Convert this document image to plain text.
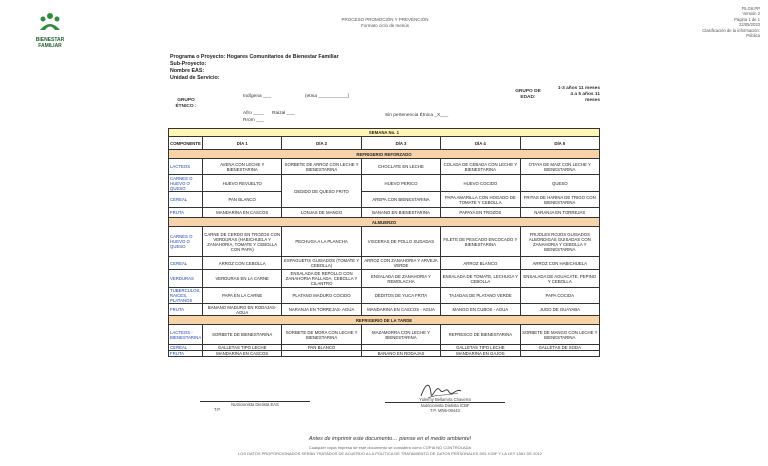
BIENESTAR
FAMILIAR
PROCESO PROMOCIÓN Y PREVENCIÓN
Formato ciclo de menús
F5.G6.PP
Versión 2
Página 1 de 1
22/05/2023
Clasificación de la información:
Pública
Programa o Proyecto: Hogares Comunitarios de Bienestar Familiar
Sub-Proyecto:
Nombre EAS:
Unidad de Servicio:
GRUPO ÉTNICO :
Indígena ___	(etnia ___________)
Afro ____ Raizal ___
Rrom ___
Sin pertenencia Étnica _X___
GRUPO DE EDAD:
1-3 años 11 meses
4 a 5 años 11
meses
SEMANA No. 1					
COMPONENTE	DÍA 1	DÍA 2	DÍA 3	DÍA 4	DÍA 5
REFRIGERIO REFORZADO					
LACTEOS	AVENA CON LECHE Y BIENESTARINA	SORBETE DE ARROZ CON LECHE Y BIENESTARINA	CHOCLATE EN LECHE	COLADA DE CEBADA CON LECHE Y BIENESTARINA	OTAYA DE MAIZ CON LECHE Y BIENESTARINA
CARNES O HUEVO O QUESO	HUEVO REVUELTO	DEDIDO DE QUESO FRITO	HUEVO PERICO	HUEVO COCIDO	QUESO
CEREAL	PAN BLANCO		AREPA CON BIENESTARINA	PAPA AMARILLA CON HOGADO DE TOMATE Y CEBOLLA	FRITAS DE HARINA DE TRIGO CON BIENESTARINA
FRUTA	MANDARINA EN CASCOS	LONJAS DE MANGO	BANANO EN BIENESTARINA	PAPAYA EN TROZOS	NARANJA EN TORREJAS
ALMUERZO					
CARNES O HUEVO O QUESO	CARNE DE CERDO EN TROZOS CON VERDURAS (HABICHUELA Y ZANAHORIA, TOMATE Y CEBOLLA CON PAPA)	PECHUGA A LA PLANCHA	VISCERAS DE POLLO SUDADAS	FILETE DE PESCADO ENCOCADO Y BIENESTARINA	FRIJOLES ROJOS GUISADOS ALBONDIGAS GUISADAS CON ZANAHORIA Y CEBOLLA Y BIENESTARINA
CEREAL	ARROZ CON CEBOLLA	ESPAGUETIS GUISADOS (TOMATE Y CEBOLLA)	ARROZ CON ZANAHORIA Y ARVEJA VERDE	ARROZ BLANCO	ARROZ CON HABICHUELA
VERDURAS	VERDURAS EN LA CARNE	ENSALADA DE REPOLLO CON ZANAHORIA RALLADA, CEBOLLA Y CILANTRO	ENSALADA DE ZANAHORIA Y REMOLACHA	ENSALADA DE TOMATE, LECHUGA Y CEBOLLA	ENSALADA DE AGUACATE, PEPINO Y CEBOLLA
TUBERCULOS, RAICES, PLATANOS	PAPA EN LA CARNE	PLATANO MADURO COCIDO	DEDITOS DE YUCA FRITA	TAJADAS DE PLATANO VERDE	PAPA COCIDA
FRUTA	BANANO MADURO EN RODAJAS- AGUA	NARANJA EN TORREJAS- AGUA	MANDARINA EN CASCOS - AGUA	MANGO EN CUBOS - AGUA	JUGO DE GUAYABA
REFRIGERIO DE LA TARDE					
LACTEOS - BIENESTARINA	SORBETE DE BIENESTARINA	SORBETE DE MORA CON LECHE Y BIENESTARINA	MAZAMORRA CON LECHE Y BIENESTARINA	REFRESCO DE BIENESTARINA	SORBETE DE MANGO CON LECHE Y BIENESTARINA
CEREAL	GALLETAS TIPO LECHE	PAN BLANCO		GALLETAS TIPO LECHE	GALLETAS DE SODA
FRUTA	MANDARINA EN CASCOS		BANANO EN RODAJAS	MANDARINA EN GAJOS	
Nutricionista Dietista EAS
T.P.
Yuleimy Bellamira Chaverra
Nutricionista Dietista ICBF
T.P. MN6-09443
Antes de imprimir este documento… piense en el medio ambiente!
Cualquier copia impresa de este documento se considera como COPIA NO CONTROLADA
LOS DATOS PROPORCIONADOS SERÁN TRATADOS DE ACUERDO A LA POLÍTICA DE TRATAMIENTO DE DATOS PERSONALES DEL ICBF Y LA LEY 1581 DE 2012
